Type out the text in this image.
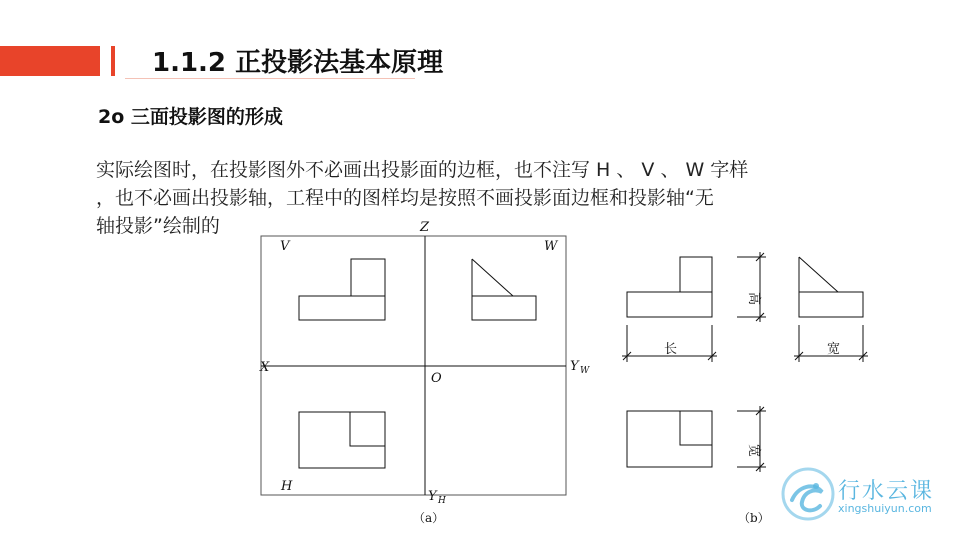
1.1.2 正投影法基本原理
2o 三面投影图的形成
实际绘图时，在投影图外不必画出投影面的边框，也不注写 H 、 V 、 W 字样
，也不必画出投影轴，工程中的图样均是按照不画投影面边框和投影轴“无
轴投影”绘制的	Z
V	W
X
O
Y W
H
Y H
（a）
高
长	宽
宽
（b）
行水云课
xingshuiyun.com
